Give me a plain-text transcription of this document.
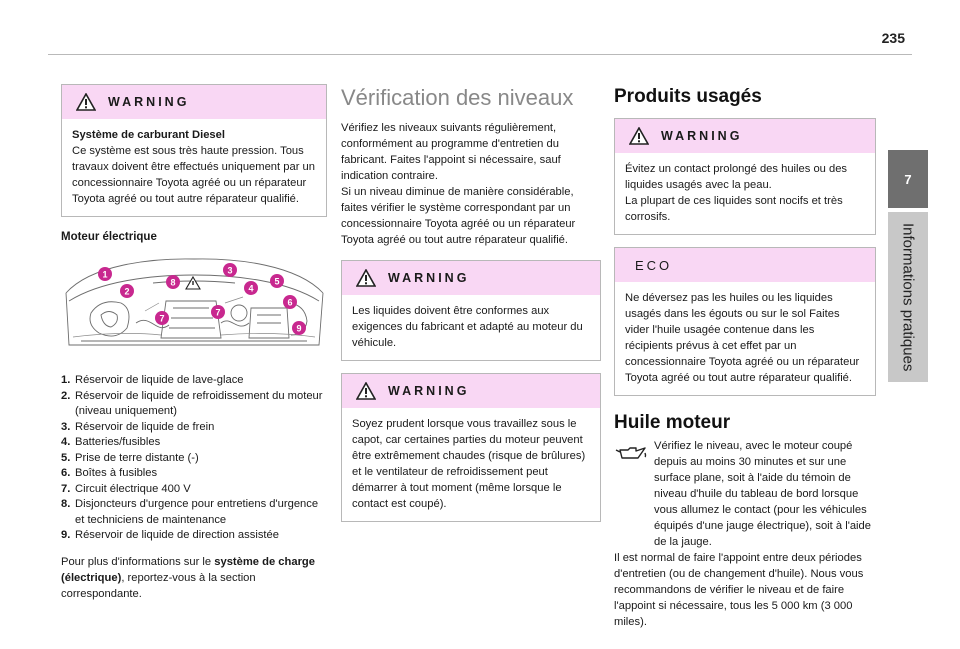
235
7
Informations pratiques
WARNING
Système de carburant Diesel
Ce système est sous très haute pression. Tous travaux doivent être effectués uniquement par un concessionnaire Toyota agréé ou un réparateur Toyota agréé ou tout autre réparateur qualifié.
Moteur électrique
1
2
3
4
5
6
7
7
8
9
1. Réservoir de liquide de lave-glace
2. Réservoir de liquide de refroidissement du moteur (niveau uniquement)
3. Réservoir de liquide de frein
4. Batteries/fusibles
5. Prise de terre distante (-)
6. Boîtes à fusibles
7. Circuit électrique 400 V
8. Disjoncteurs d'urgence pour entretiens d'urgence et techniciens de maintenance
9. Réservoir de liquide de direction assistée

Pour plus d'informations sur le système de charge (électrique), reportez-vous à la section correspondante.

Vérification des niveaux

Vérifiez les niveaux suivants régulièrement, conformément au programme d'entretien du fabricant. Faites l'appoint si nécessaire, sauf indication contraire.

Si un niveau diminue de manière considérable, faites vérifier le système correspondant par un concessionnaire Toyota agréé ou un réparateur Toyota agréé ou tout autre réparateur qualifié.

WARNING
Les liquides doivent être conformes aux exigences du fabricant et adapté au moteur du véhicule.
WARNING
Soyez prudent lorsque vous travaillez sous le capot, car certaines parties du moteur peuvent être extrêmement chaudes (risque de brûlures) et le ventilateur de refroidissement peut démarrer à tout moment (même lorsque le contact est coupé).
Produits usagés
WARNING
Évitez un contact prolongé des huiles ou des liquides usagés avec la peau.
La plupart de ces liquides sont nocifs et très corrosifs.
ECO
Ne déversez pas les huiles ou les liquides usagés dans les égouts ou sur le sol Faites vider l'huile usagée contenue dans les récipients prévus à cet effet par un concessionnaire Toyota agréé ou un réparateur Toyota agréé ou tout autre réparateur qualifié.
Huile moteur

Vérifiez le niveau, avec le moteur coupé depuis au moins 30 minutes et sur une surface plane, soit à l'aide du témoin de niveau d'huile du tableau de bord lorsque vous allumez le contact (pour les véhicules équipés d'une jauge électrique), soit à l'aide de la jauge.

Il est normal de faire l'appoint entre deux périodes d'entretien (ou de changement d'huile). Nous vous recommandons de vérifier le niveau et de faire l'appoint si nécessaire, tous les 5 000 km (3 000 miles).
